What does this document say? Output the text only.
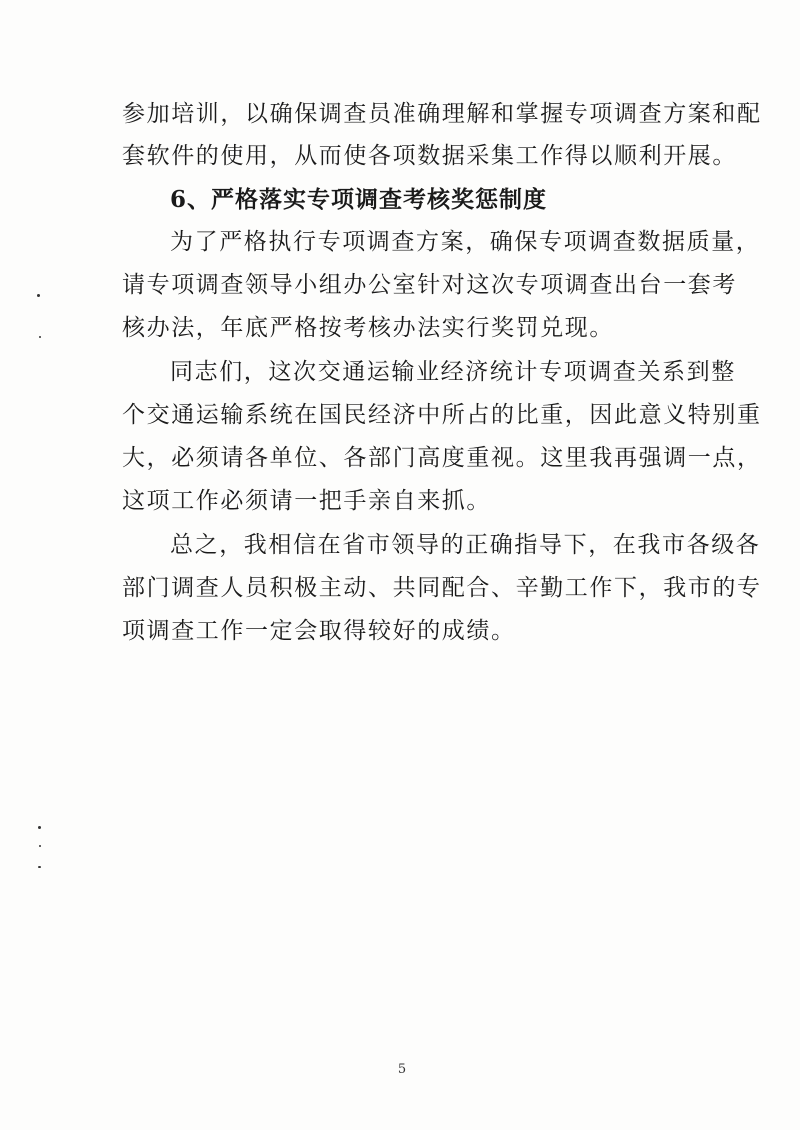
参加培训，以确保调查员准确理解和掌握专项调查方案和配
套软件的使用，从而使各项数据采集工作得以顺利开展。
6、严格落实专项调查考核奖惩制度
为了严格执行专项调查方案，确保专项调查数据质量，
请专项调查领导小组办公室针对这次专项调查出台一套考
核办法，年底严格按考核办法实行奖罚兑现。
同志们，这次交通运输业经济统计专项调查关系到整
个交通运输系统在国民经济中所占的比重，因此意义特别重
大，必须请各单位、各部门高度重视。这里我再强调一点，
这项工作必须请一把手亲自来抓。
总之，我相信在省市领导的正确指导下，在我市各级各
部门调查人员积极主动、共同配合、辛勤工作下，我市的专
项调查工作一定会取得较好的成绩。
5
